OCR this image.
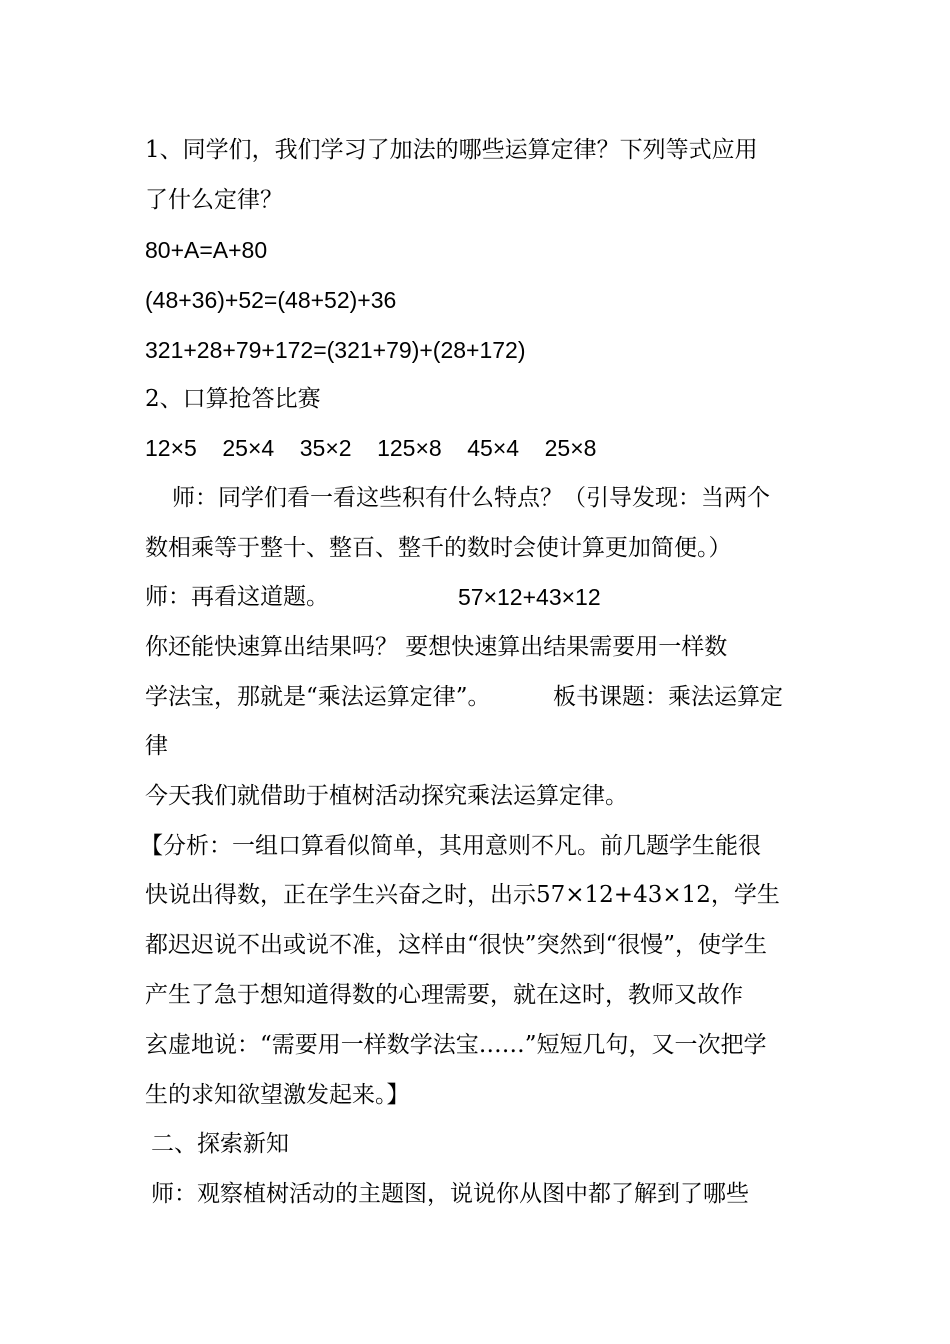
1、同学们，我们学习了加法的哪些运算定律？下列等式应用
了什么定律？
80+A=A+80
(48+36)+52=(48+52)+36
321+28+79+172=(321+79)+(28+172)
2、口算抢答比赛
12×5    25×4    35×2    125×8    45×4    25×8
师：同学们看一看这些积有什么特点？（引导发现：当两个
数相乘等于整十、整百、整千的数时会使计算更加简便。）
师：再看这道题。	57×12+43×12
你还能快速算出结果吗？ 要想快速算出结果需要用一样数
学法宝，那就是“乘法运算定律”。	板书课题：乘法运算定
律
今天我们就借助于植树活动探究乘法运算定律。
【分析：一组口算看似简单，其用意则不凡。前几题学生能很
快说出得数，正在学生兴奋之时，出示57×12+43×12，学生
都迟迟说不出或说不准，这样由“很快”突然到“很慢”，使学生
产生了急于想知道得数的心理需要，就在这时，教师又故作
玄虚地说：“需要用一样数学法宝……”短短几句，又一次把学
生的求知欲望激发起来。】
二、探索新知
师：观察植树活动的主题图，说说你从图中都了解到了哪些
